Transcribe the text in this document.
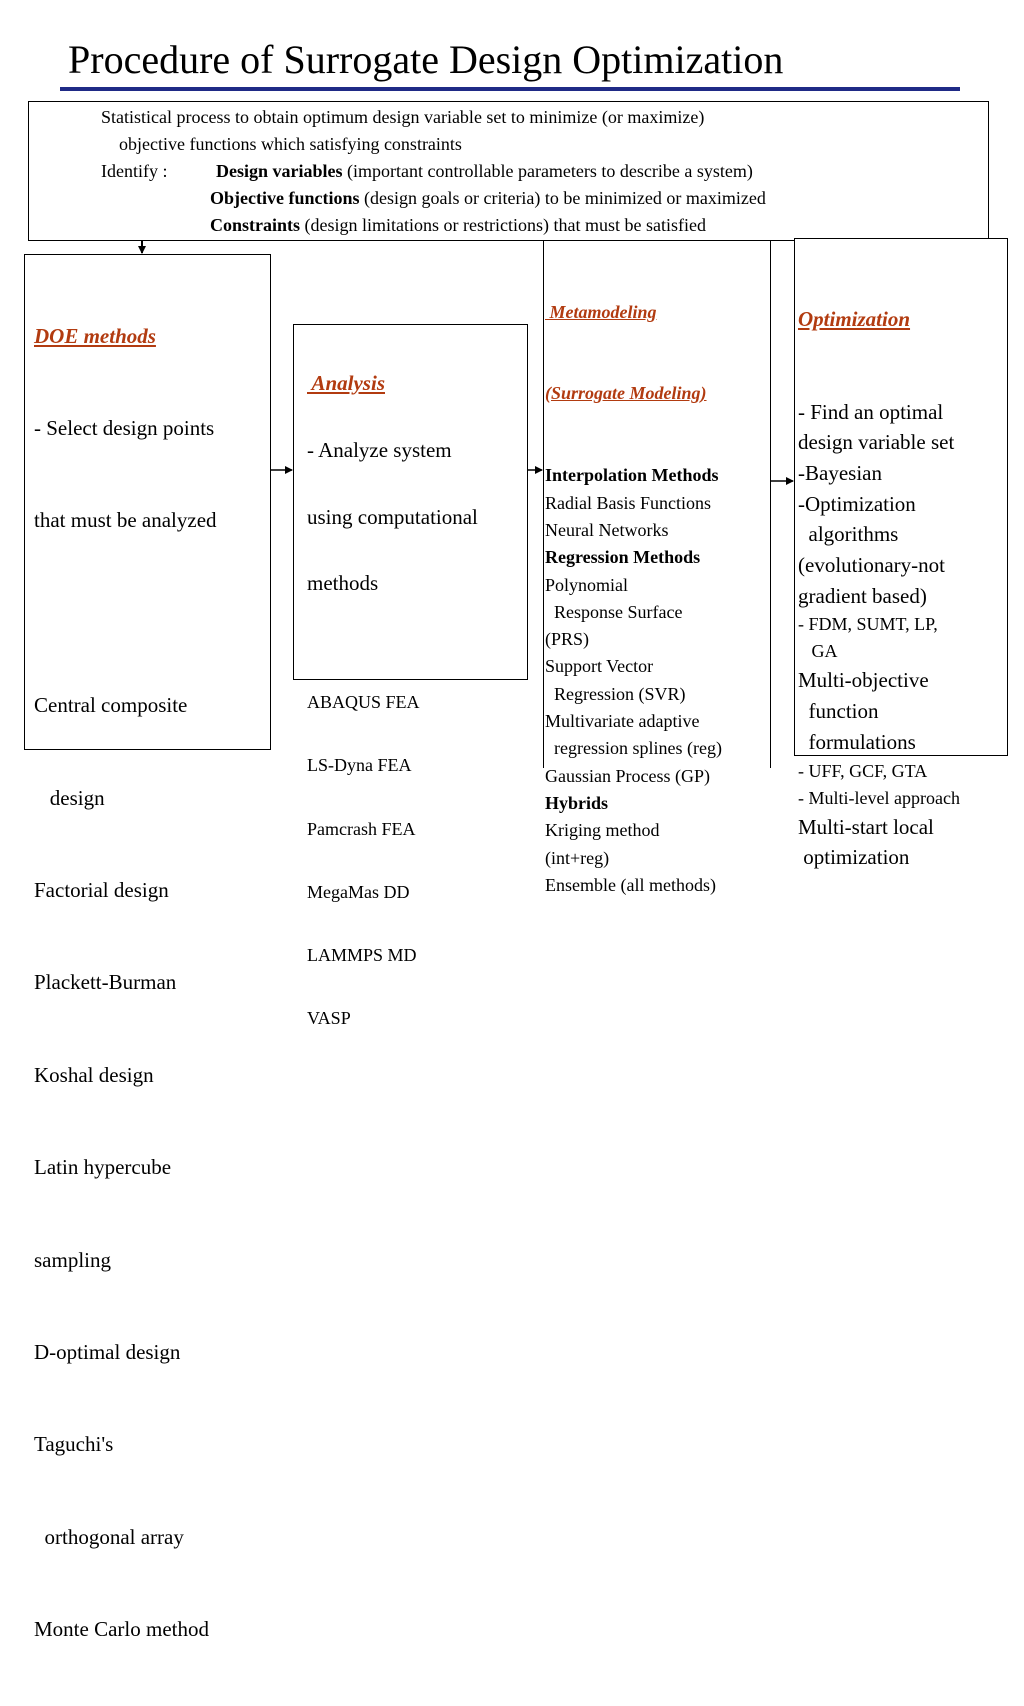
Procedure of Surrogate Design Optimization
Statistical process to obtain optimum design variable set to minimize (or maximize)
objective functions which satisfying constraints
Identify :	Design variables (important controllable parameters to describe a system)
Objective functions (design goals or criteria) to be minimized or maximized
Constraints (design limitations or restrictions) that must be satisfied

DOE methods

- Select design points

that must be analyzed

Central composite

design

Factorial design

Plackett-Burman

Koshal design

Latin hypercube

sampling

D-optimal design

Taguchi's

orthogonal array

Monte Carlo method

Analysis

- Analyze system

using computational

methods

ABAQUS FEA

LS-Dyna FEA

Pamcrash FEA

MegaMas DD

LAMMPS MD

VASP

Metamodeling

(Surrogate Modeling)

Interpolation Methods
Radial Basis Functions
Neural Networks
Regression Methods
Polynomial
Response Surface
(PRS)
Support Vector
Regression (SVR)
Multivariate adaptive
regression splines (reg)
Gaussian Process (GP)
Hybrids
Kriging method
(int+reg)
Ensemble (all methods)

Optimization

- Find an optimal
design variable set
-Bayesian
-Optimization
algorithms
(evolutionary-not
gradient based)
- FDM, SUMT, LP,
GA
Multi-objective
function
formulations
- UFF, GCF, GTA
- Multi-level approach
Multi-start local
optimization
